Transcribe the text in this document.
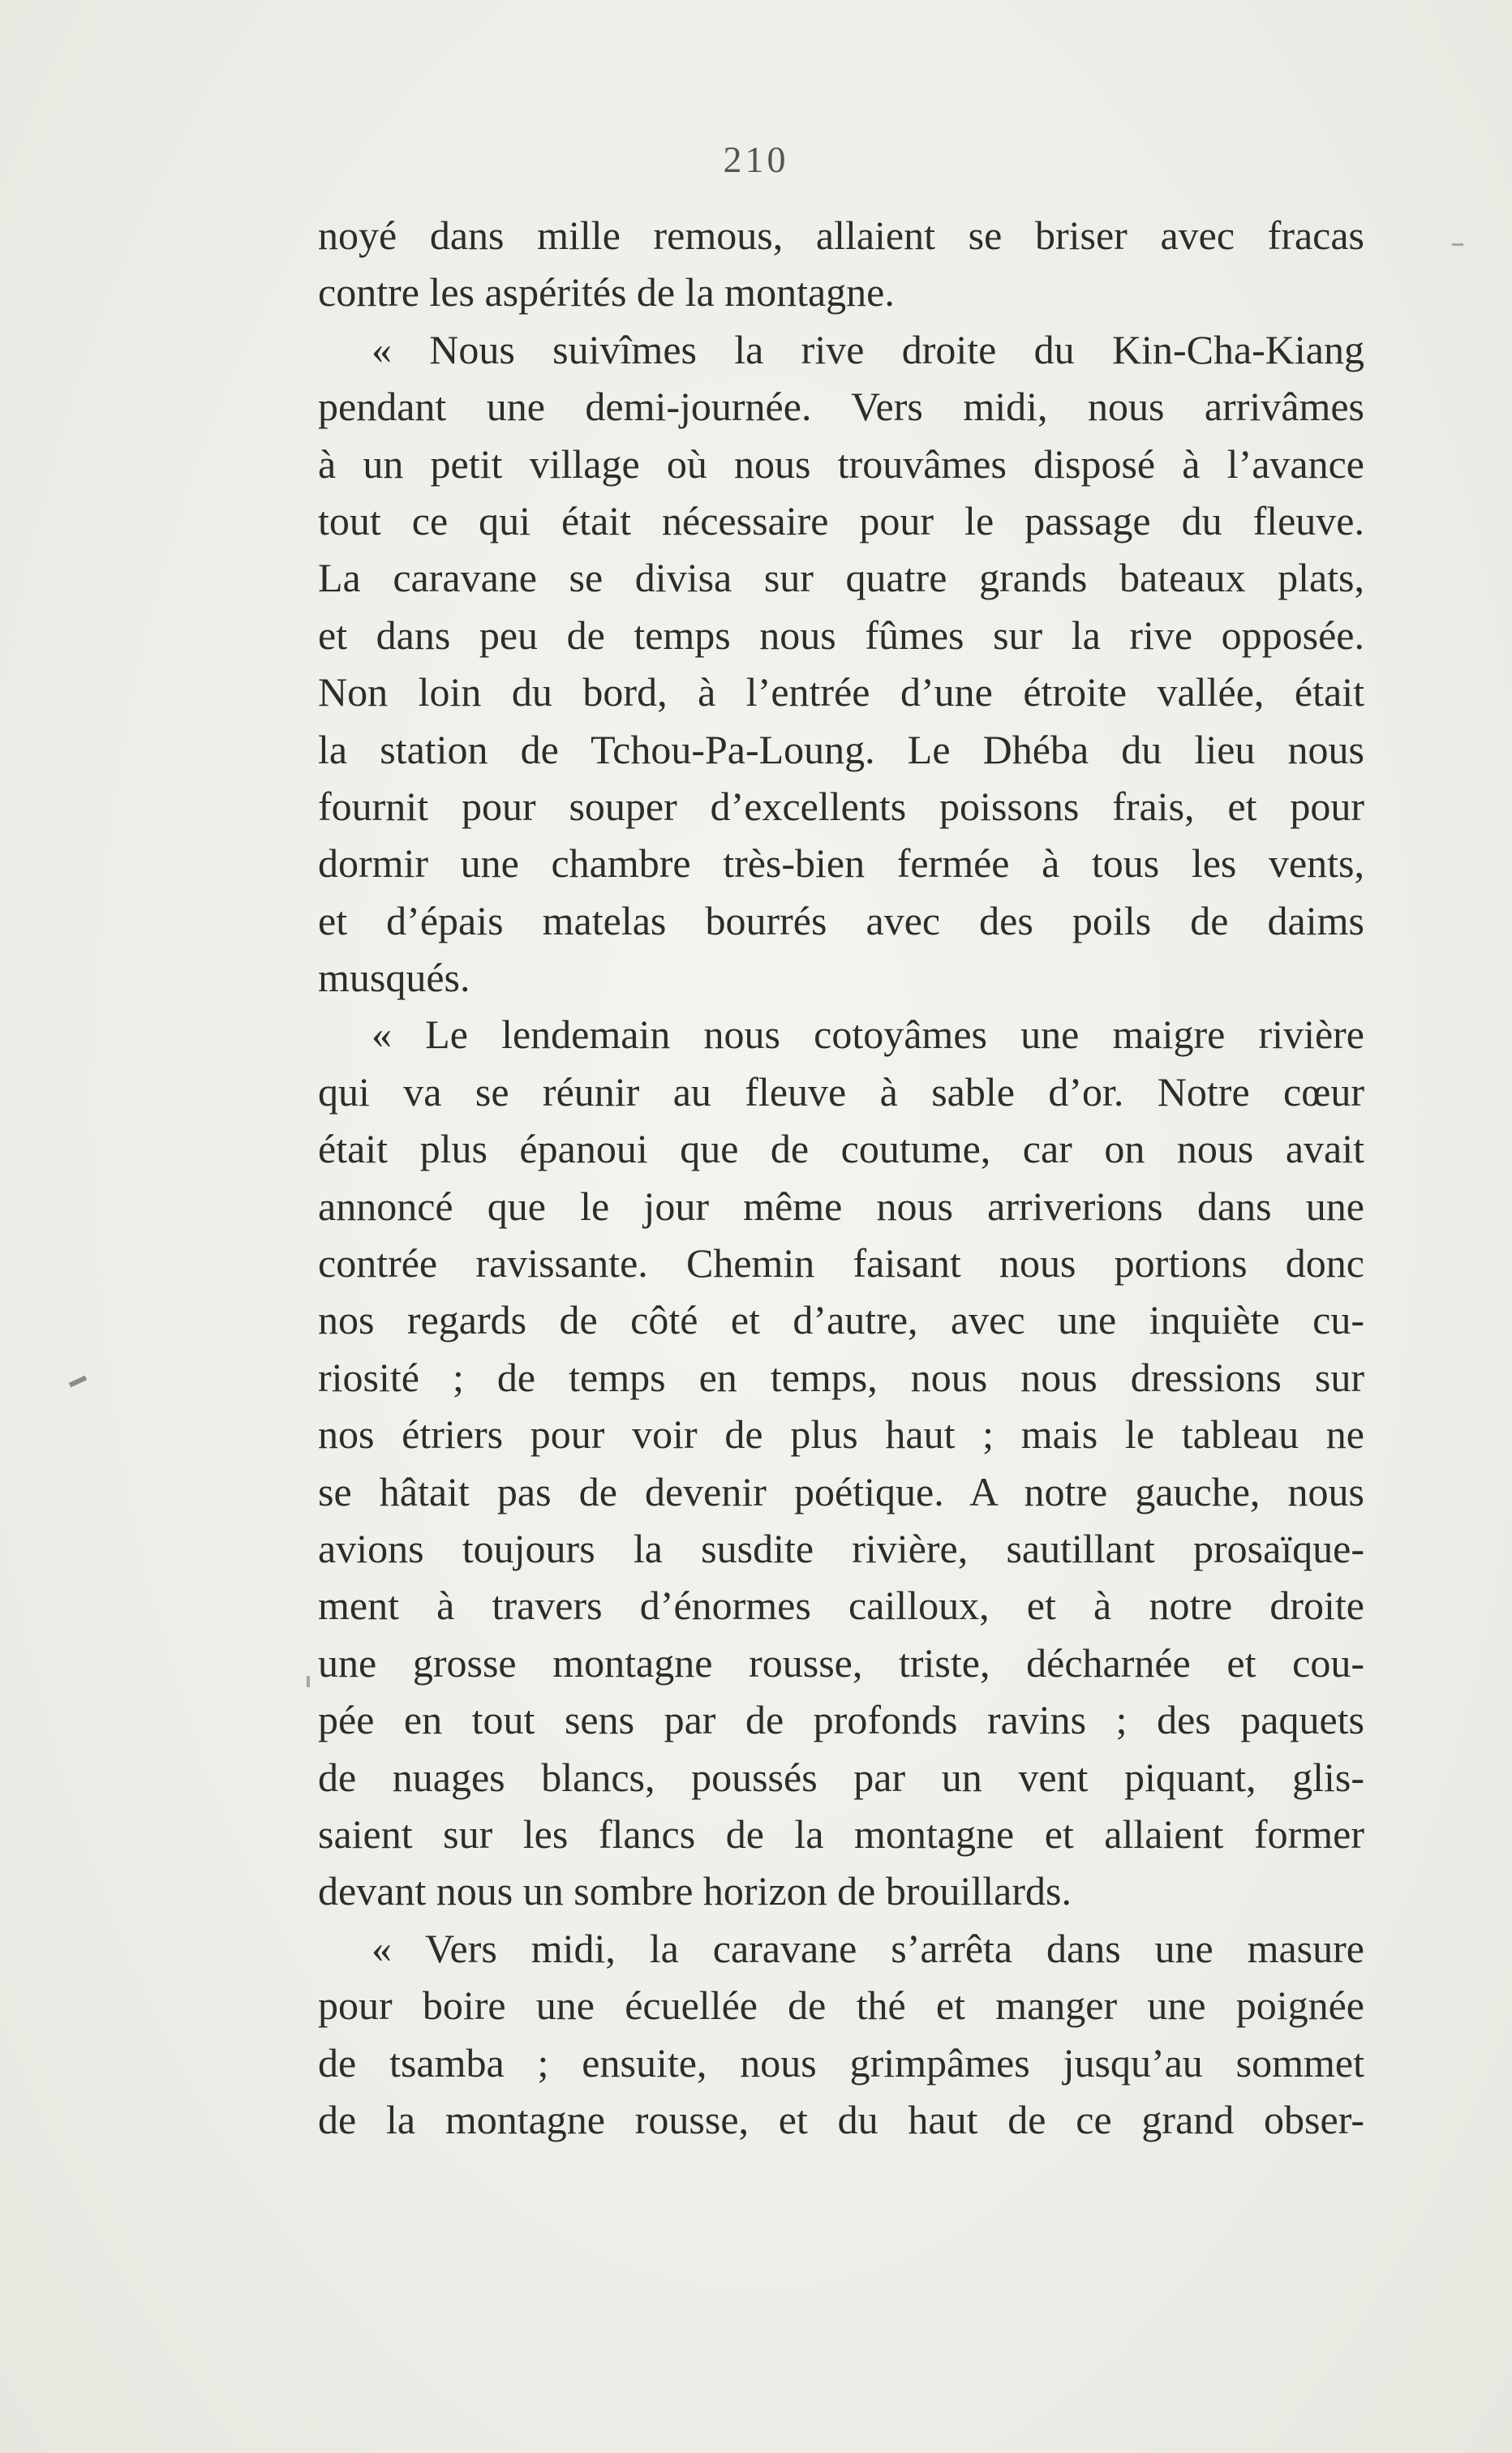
210
noyé dans mille remous, allaient se briser avec fracas
contre les aspérités de la montagne.
« Nous suivîmes la rive droite du Kin-Cha-Kiang
pendant une demi-journée. Vers midi, nous arrivâmes
à un petit village où nous trouvâmes disposé à l’avance
tout ce qui était nécessaire pour le passage du fleuve.
La caravane se divisa sur quatre grands bateaux plats,
et dans peu de temps nous fûmes sur la rive opposée.
Non loin du bord, à l’entrée d’une étroite vallée, était
la station de Tchou-Pa-Loung. Le Dhéba du lieu nous
fournit pour souper d’excellents poissons frais, et pour
dormir une chambre très-bien fermée à tous les vents,
et d’épais matelas bourrés avec des poils de daims
musqués.
« Le lendemain nous cotoyâmes une maigre rivière
qui va se réunir au fleuve à sable d’or. Notre cœur
était plus épanoui que de coutume, car on nous avait
annoncé que le jour même nous arriverions dans une
contrée ravissante. Chemin faisant nous portions donc
nos regards de côté et d’autre, avec une inquiète cu-
riosité ; de temps en temps, nous nous dressions sur
nos étriers pour voir de plus haut ; mais le tableau ne
se hâtait pas de devenir poétique. A notre gauche, nous
avions toujours la susdite rivière, sautillant prosaïque-
ment à travers d’énormes cailloux, et à notre droite
une grosse montagne rousse, triste, décharnée et cou-
pée en tout sens par de profonds ravins ; des paquets
de nuages blancs, poussés par un vent piquant, glis-
saient sur les flancs de la montagne et allaient former
devant nous un sombre horizon de brouillards.
« Vers midi, la caravane s’arrêta dans une masure
pour boire une écuellée de thé et manger une poignée
de tsamba ; ensuite, nous grimpâmes jusqu’au sommet
de la montagne rousse, et du haut de ce grand obser-
